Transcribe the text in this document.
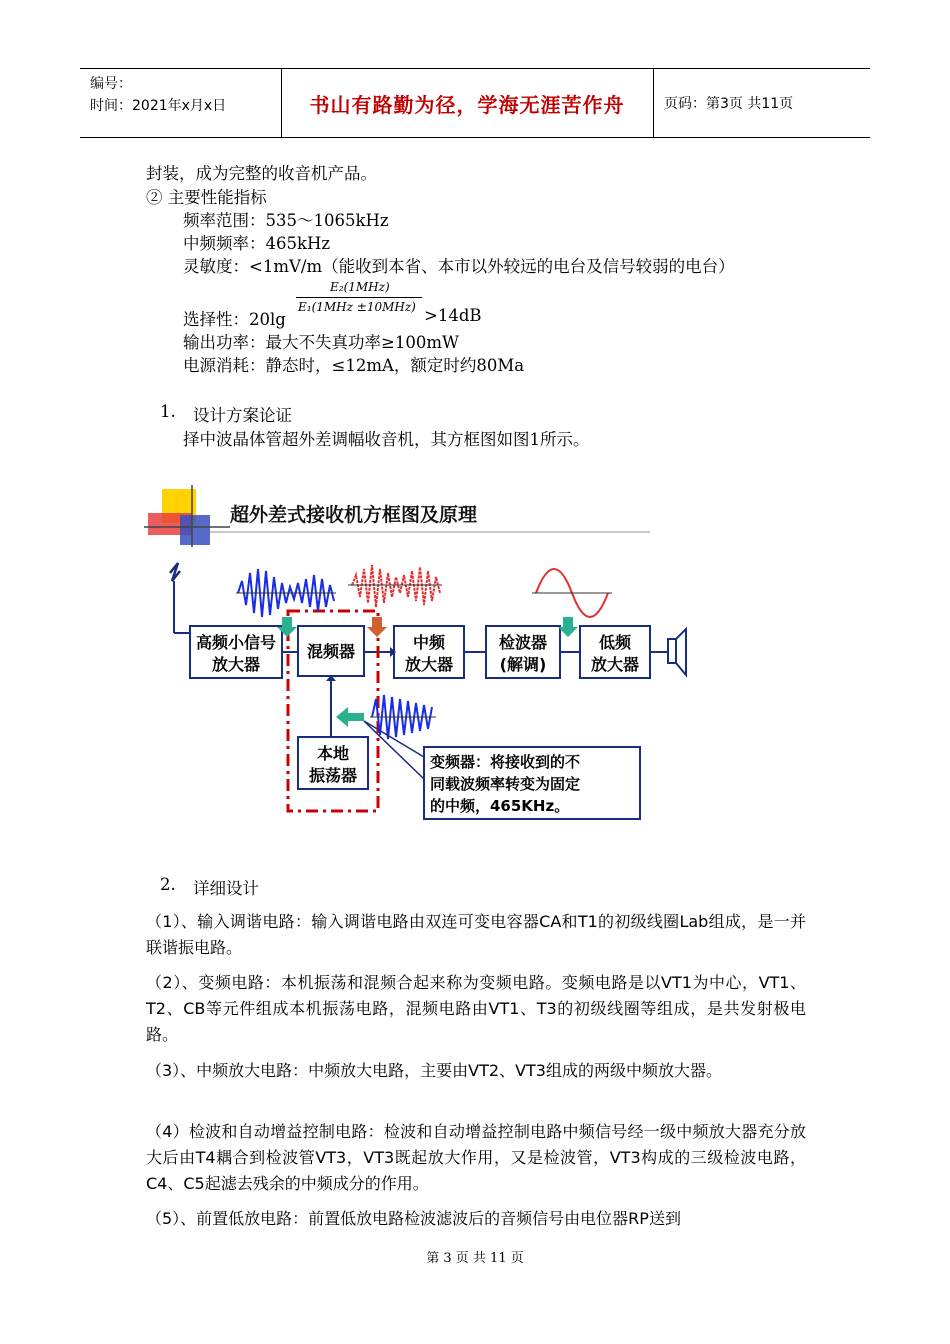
编号：
时间：2021年x月x日	书山有路勤为径，学海无涯苦作舟	页码：第3页 共11页
封装，成为完整的收音机产品。
② 主要性能指标
频率范围：535～1065kHz
中频频率：465kHz
灵敏度：<1mV/m（能收到本省、本市以外较远的电台及信号较弱的电台）
E₂(1MHz)
E₁(1MHz ±10MHz)
选择性：20lg	>14dB
输出功率：最大不失真功率≥100mW
电源消耗：静态时，≤12mA，额定时约80Ma
1. 设计方案论证
择中波晶体管超外差调幅收音机，其方框图如图1所示。
超外差式接收机方框图及原理
高频小信号
放大器
混频器	中频
放大器
检波器
(解调)
低频
放大器
本地
振荡器
变频器：将接收到的不
同载波频率转变为固定
的中频，465KHz。
2. 详细设计
（1）、输入调谐电路：输入调谐电路由双连可变电容器CA和T1的初级线圈Lab组成，是一并联谐振电路。
（2）、变频电路：本机振荡和混频合起来称为变频电路。变频电路是以VT1为中心，VT1、T2、CB等元件组成本机振荡电路，混频电路由VT1、T3的初级线圈等组成，是共发射极电路。
（3）、中频放大电路：中频放大电路，主要由VT2、VT3组成的两级中频放大器。
（4）检波和自动增益控制电路：检波和自动增益控制电路中频信号经一级中频放大器充分放大后由T4耦合到检波管VT3，VT3既起放大作用，又是检波管，VT3构成的三级检波电路，C4、C5起滤去残余的中频成分的作用。
（5）、前置低放电路：前置低放电路检波滤波后的音频信号由电位器RP送到
第 3 页 共 11 页
